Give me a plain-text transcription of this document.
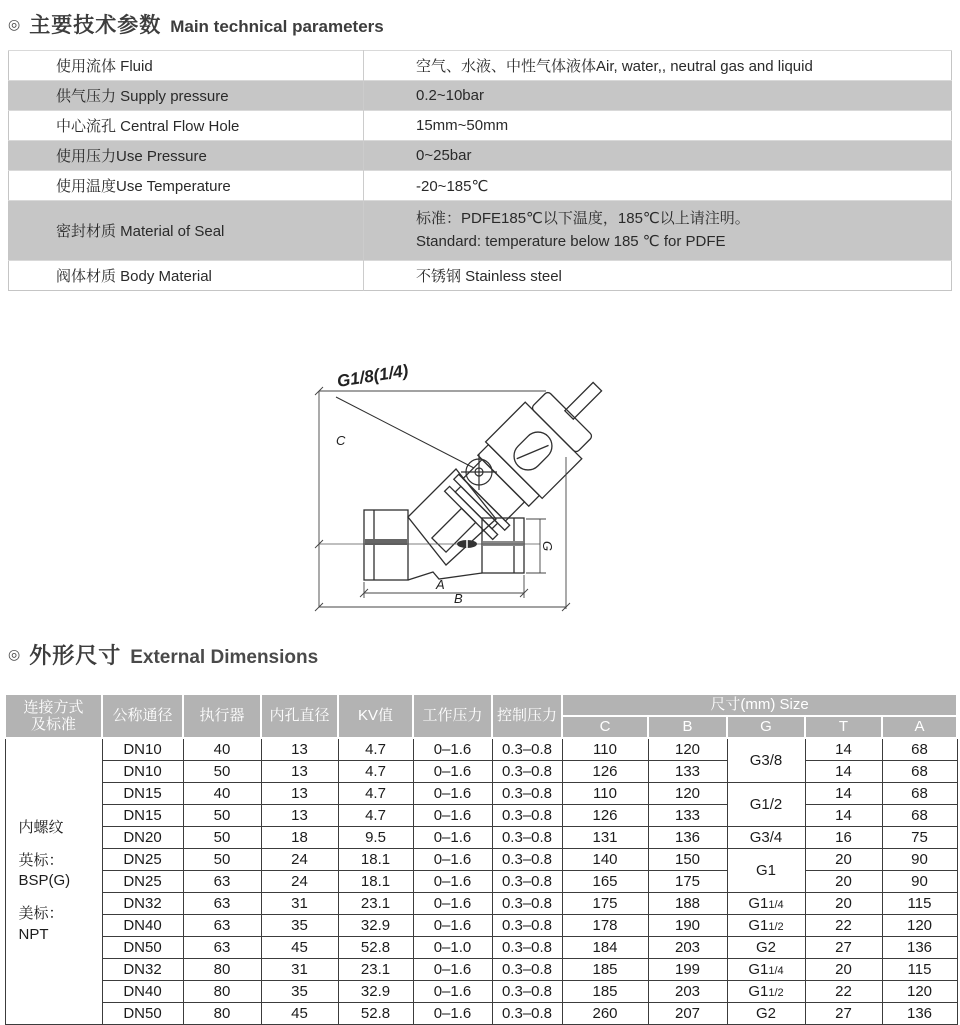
◎ 主要技术参数 Main technical parameters
使用流体 Fluid	空气、水液、中性气体液体Air, water,, neutral gas and liquid
供气压力 Supply pressure	0.2~10bar
中心流孔 Central Flow Hole	15mm~50mm
使用压力Use Pressure	0~25bar
使用温度Use Temperature	-20~185℃
密封材质 Material of Seal	标准：PDFE185℃以下温度，185℃以上请注明。
Standard: temperature below 185 ℃ for PDFE

阀体材质 Body Material	不锈钢 Stainless steel
G1/8(1/4)
C
A
B
G
◎ 外形尺寸 External Dimensions
连接方式
及标准	公称通径	执行器	内孔直径	KV值	工作压力	控制压力	尺寸(mm) Size				
							C	B	G	T	A

内螺纹
英标：
BSP(G)
美标：
NPT	DN10	40	13	4.7	0–1.6	0.3–0.8	110	120	G3/8	14	68
	DN10	50	13	4.7	0–1.6	0.3–0.8	126	133		14	68
	DN15	40	13	4.7	0–1.6	0.3–0.8	110	120	G1/2	14	68
	DN15	50	13	4.7	0–1.6	0.3–0.8	126	133		14	68
	DN20	50	18	9.5	0–1.6	0.3–0.8	131	136	G3/4	16	75
	DN25	50	24	18.1	0–1.6	0.3–0.8	140	150	G1	20	90
	DN25	63	24	18.1	0–1.6	0.3–0.8	165	175		20	90
	DN32	63	31	23.1	0–1.6	0.3–0.8	175	188	G11/4	20	115
	DN40	63	35	32.9	0–1.6	0.3–0.8	178	190	G11/2	22	120
	DN50	63	45	52.8	0–1.0	0.3–0.8	184	203	G2	27	136
	DN32	80	31	23.1	0–1.6	0.3–0.8	185	199	G11/4	20	115
	DN40	80	35	32.9	0–1.6	0.3–0.8	185	203	G11/2	22	120
	DN50	80	45	52.8	0–1.6	0.3–0.8	260	207	G2	27	136
